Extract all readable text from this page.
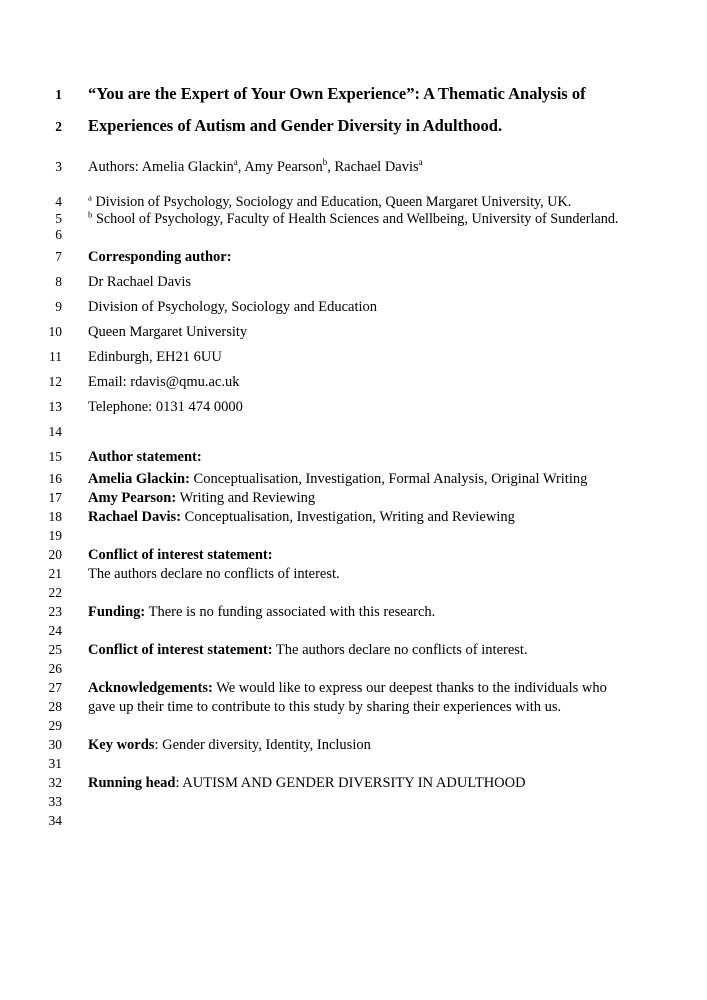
1 “You are the Expert of Your Own Experience”: A Thematic Analysis of
2 Experiences of Autism and Gender Diversity in Adulthood.
3 Authors: Amelia Glackin$^a$, Amy Pearson$^b$, Rachael Davis$^a$
4	$^a$ Division of Psychology, Sociology and Education, Queen Margaret University, UK.
5	$^b$ School of Psychology, Faculty of Health Sciences and Wellbeing, University of Sunderland.
6
7 Corresponding author:
8 Dr Rachael Davis
9 Division of Psychology, Sociology and Education
10 Queen Margaret University
11 Edinburgh, EH21 6UU
12 Email: rdavis@qmu.ac.uk
13 Telephone: 0131 474 0000
14
15 Author statement:
16 Amelia Glackin: Conceptualisation, Investigation, Formal Analysis, Original Writing
17 Amy Pearson: Writing and Reviewing
18 Rachael Davis: Conceptualisation, Investigation, Writing and Reviewing
19
20 Conflict of interest statement:
21 The authors declare no conflicts of interest.
22
23 Funding: There is no funding associated with this research.
24
25 Conflict of interest statement: The authors declare no conflicts of interest.
26
27 Acknowledgements: We would like to express our deepest thanks to the individuals who
28 gave up their time to contribute to this study by sharing their experiences with us.
29
30 Key words: Gender diversity, Identity, Inclusion
31
32 Running head: AUTISM AND GENDER DIVERSITY IN ADULTHOOD
33
34
